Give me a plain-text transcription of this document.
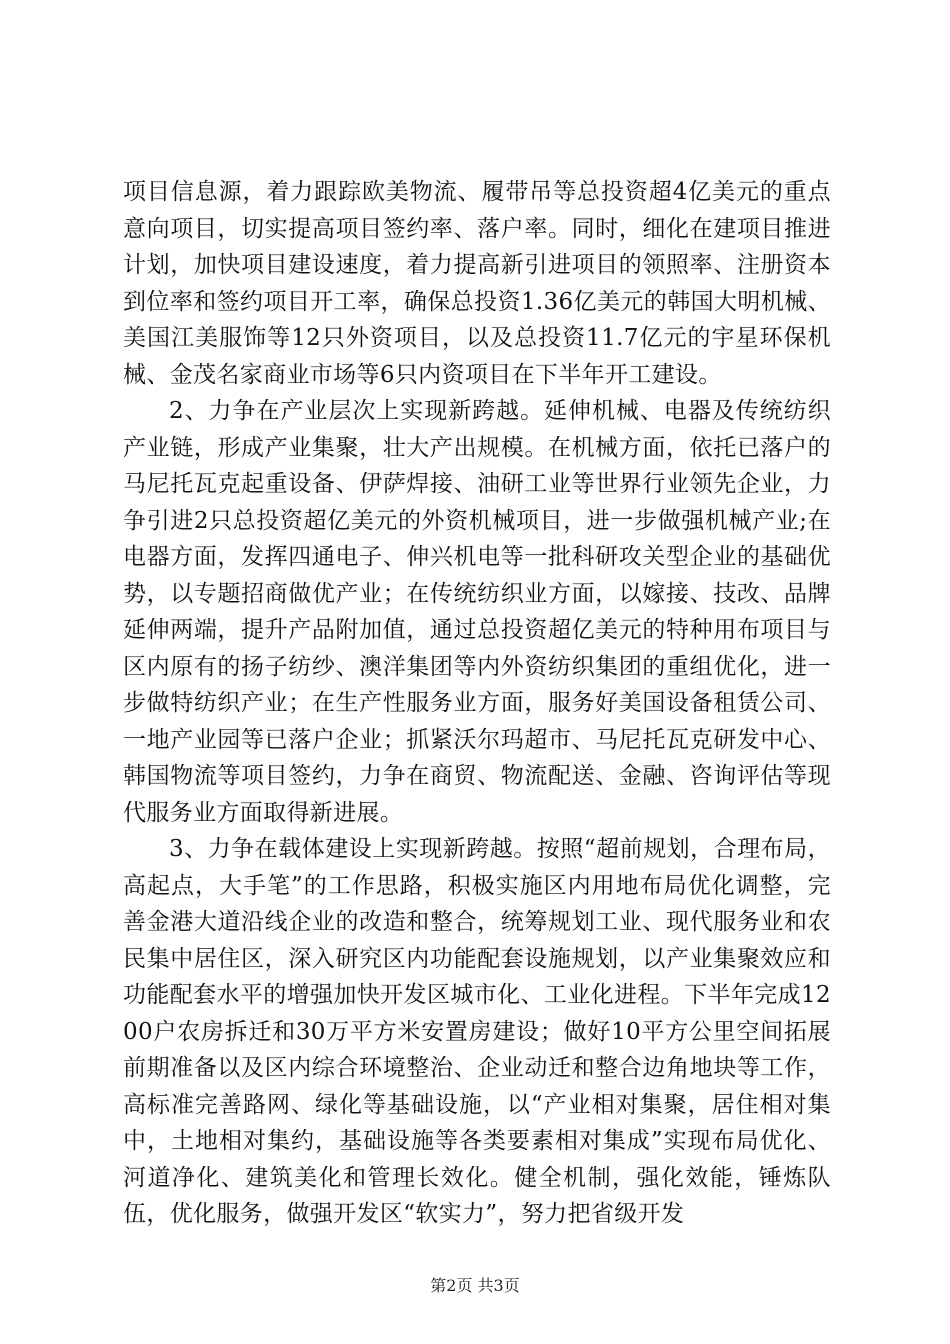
项目信息源，着力跟踪欧美物流、履带吊等总投资超4亿美元的重点意向项目，切实提高项目签约率、落户率。同时，细化在建项目推进计划，加快项目建设速度，着力提高新引进项目的领照率、注册资本到位率和签约项目开工率，确保总投资1.36亿美元的韩国大明机械、美国江美服饰等12只外资项目，以及总投资11.7亿元的宇星环保机械、金茂名家商业市场等6只内资项目在下半年开工建设。

2、力争在产业层次上实现新跨越。延伸机械、电器及传统纺织产业链，形成产业集聚，壮大产出规模。在机械方面，依托已落户的马尼托瓦克起重设备、伊萨焊接、油研工业等世界行业领先企业，力争引进2只总投资超亿美元的外资机械项目，进一步做强机械产业;在电器方面，发挥四通电子、伸兴机电等一批科研攻关型企业的基础优势，以专题招商做优产业；在传统纺织业方面，以嫁接、技改、品牌延伸两端，提升产品附加值，通过总投资超亿美元的特种用布项目与区内原有的扬子纺纱、澳洋集团等内外资纺织集团的重组优化，进一步做特纺织产业；在生产性服务业方面，服务好美国设备租赁公司、一地产业园等已落户企业；抓紧沃尔玛超市、马尼托瓦克研发中心、韩国物流等项目签约，力争在商贸、物流配送、金融、咨询评估等现代服务业方面取得新进展。

3、力争在载体建设上实现新跨越。按照“超前规划，合理布局，高起点，大手笔”的工作思路，积极实施区内用地布局优化调整，完善金港大道沿线企业的改造和整合，统筹规划工业、现代服务业和农民集中居住区，深入研究区内功能配套设施规划，以产业集聚效应和功能配套水平的增强加快开发区城市化、工业化进程。下半年完成1200户农房拆迁和30万平方米安置房建设；做好10平方公里空间拓展前期准备以及区内综合环境整治、企业动迁和整合边角地块等工作，高标准完善路网、绿化等基础设施，以“产业相对集聚，居住相对集中，土地相对集约，基础设施等各类要素相对集成”实现布局优化、河道净化、建筑美化和管理长效化。健全机制，强化效能，锤炼队伍，优化服务，做强开发区“软实力”，努力把省级开发

第2页 共3页
